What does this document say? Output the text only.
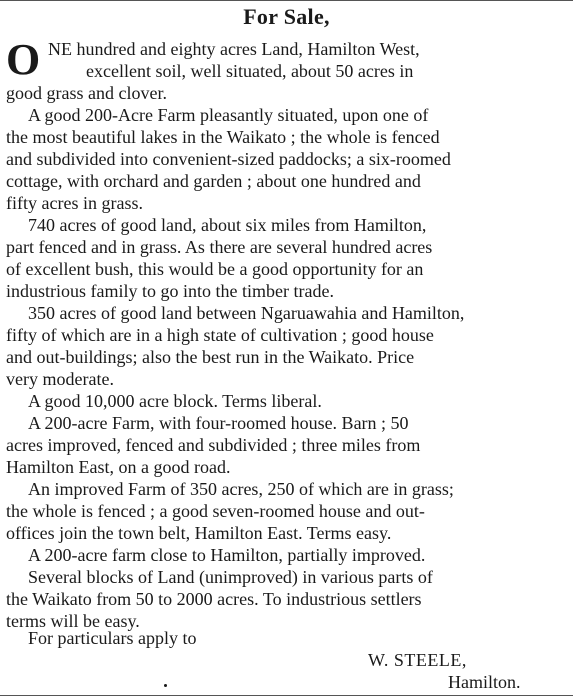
For Sale,
O NE hundred and eighty acres Land, Hamilton West,
excellent soil, well situated, about 50 acres in
good grass and clover.
A good 200-Acre Farm pleasantly situated, upon one of
the most beautiful lakes in the Waikato ; the whole is fenced
and subdivided into convenient-sized paddocks; a six-roomed
cottage, with orchard and garden ; about one hundred and
fifty acres in grass.
740 acres of good land, about six miles from Hamilton,
part fenced and in grass. As there are several hundred acres
of excellent bush, this would be a good opportunity for an
industrious family to go into the timber trade.
350 acres of good land between Ngaruawahia and Hamilton,
fifty of which are in a high state of cultivation ; good house
and out-buildings; also the best run in the Waikato. Price
very moderate.
A good 10,000 acre block. Terms liberal.
A 200-acre Farm, with four-roomed house. Barn ; 50
acres improved, fenced and subdivided ; three miles from
Hamilton East, on a good road.
An improved Farm of 350 acres, 250 of which are in grass;
the whole is fenced ; a good seven-roomed house and out-
offices join the town belt, Hamilton East. Terms easy.
A 200-acre farm close to Hamilton, partially improved.
Several blocks of Land (unimproved) in various parts of
the Waikato from 50 to 2000 acres. To industrious settlers
terms will be easy.
For particulars apply to
W. STEELE,
Hamilton.
